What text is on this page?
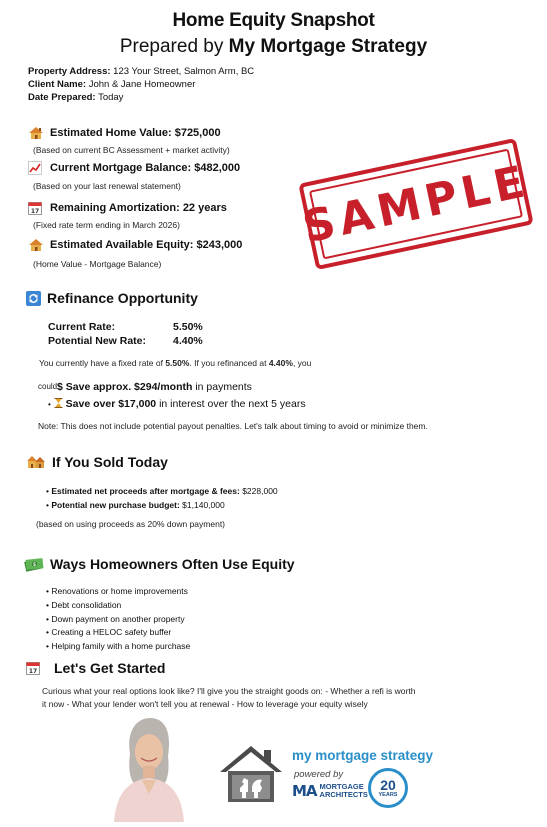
Home Equity Snapshot
Prepared by My Mortgage Strategy
Property Address: 123 Your Street, Salmon Arm, BC
Client Name: John & Jane Homeowner
Date Prepared: Today
Estimated Home Value: $725,000
(Based on current BC Assessment + market activity)
Current Mortgage Balance: $482,000
(Based on your last renewal statement)
17 Remaining Amortization: 22 years
(Fixed rate term ending in March 2026)
Estimated Available Equity: $243,000
(Home Value - Mortgage Balance)
SAMPLE
Refinance Opportunity
Current Rate:	5.50%
Potential New Rate:	4.40%
You currently have a fixed rate of 5.50%. If you refinanced at 4.40%, you
could $ Save approx. $294/month in payments
• Save over $17,000 in interest over the next 5 years
Note: This does not include potential payout penalties. Let's talk about timing to avoid or minimize them.
If You Sold Today
• Estimated net proceeds after mortgage & fees: $228,000
• Potential new purchase budget: $1,140,000
(based on using proceeds as 20% down payment)
$ Ways Homeowners Often Use Equity
• Renovations or home improvements
• Debt consolidation
• Down payment on another property
• Creating a HELOC safety buffer
• Helping family with a home purchase
17 Let's Get Started
Curious what your real options look like? I'll give you the straight goods on: - Whether a refi is worth
it now - What your lender won't tell you at renewal - How to leverage your equity wisely
my mortgage strategy
powered by
MA MORTGAGE
ARCHITECTS
20
YEARS
